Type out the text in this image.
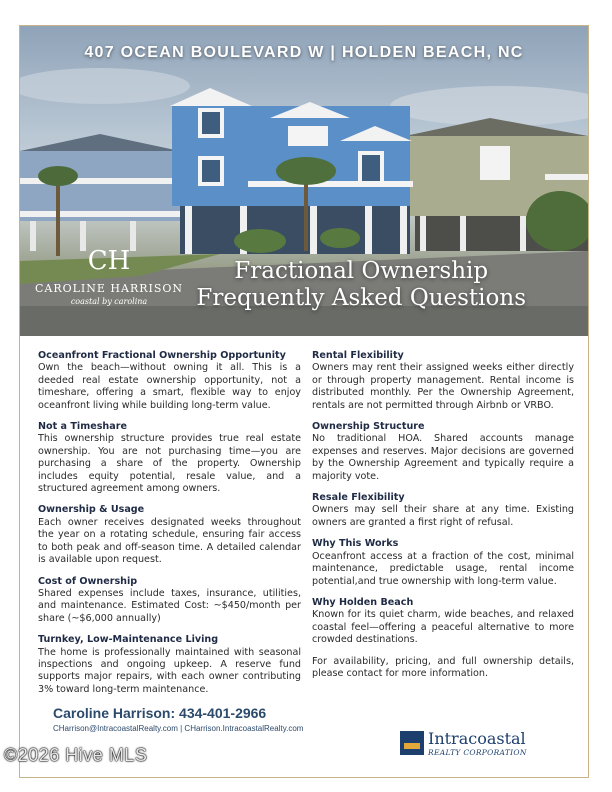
407 OCEAN BOULEVARD W | HOLDEN BEACH, NC
CH
CAROLINE HARRISON
coastal by carolina
Fractional Ownership
Frequently Asked Questions
Oceanfront Fractional Ownership Opportunity

Own the beach—without owning it all. This is a deeded real estate ownership opportunity, not a timeshare, offering a smart, flexible way to enjoy oceanfront living while building long-term value.

Not a Timeshare

This ownership structure provides true real estate ownership. You are not purchasing time—you are purchasing a share of the property. Ownership includes equity potential, resale value, and a structured agreement among owners.

Ownership & Usage

Each owner receives designated weeks throughout the year on a rotating schedule, ensuring fair access to both peak and off-season time. A detailed calendar is available upon request.

Cost of Ownership

Shared expenses include taxes, insurance, utilities, and maintenance. Estimated Cost: ~$450/month per share (~$6,000 annually)

Turnkey, Low-Maintenance Living

The home is professionally maintained with seasonal inspections and ongoing upkeep. A reserve fund supports major repairs, with each owner contributing 3% toward long-term maintenance.

Rental Flexibility

Owners may rent their assigned weeks either directly or through property management. Rental income is distributed monthly. Per the Ownership Agreement, rentals are not permitted through Airbnb or VRBO.

Ownership Structure

No traditional HOA. Shared accounts manage expenses and reserves. Major decisions are governed by the Ownership Agreement and typically require a majority vote.

Resale Flexibility

Owners may sell their share at any time. Existing owners are granted a first right of refusal.

Why This Works

Oceanfront access at a fraction of the cost, minimal maintenance, predictable usage, rental income potential,and true ownership with long-term value.

Why Holden Beach

Known for its quiet charm, wide beaches, and relaxed coastal feel—offering a peaceful alternative to more crowded destinations.

For availability, pricing, and full ownership details, please contact for more information.

Intracoastal
REALTY CORPORATION
Caroline Harrison: 434-401-2966
CHarrison@IntracoastalRealty.com | CHarrison.IntracoastalRealty.com
©2026 Hive MLS
